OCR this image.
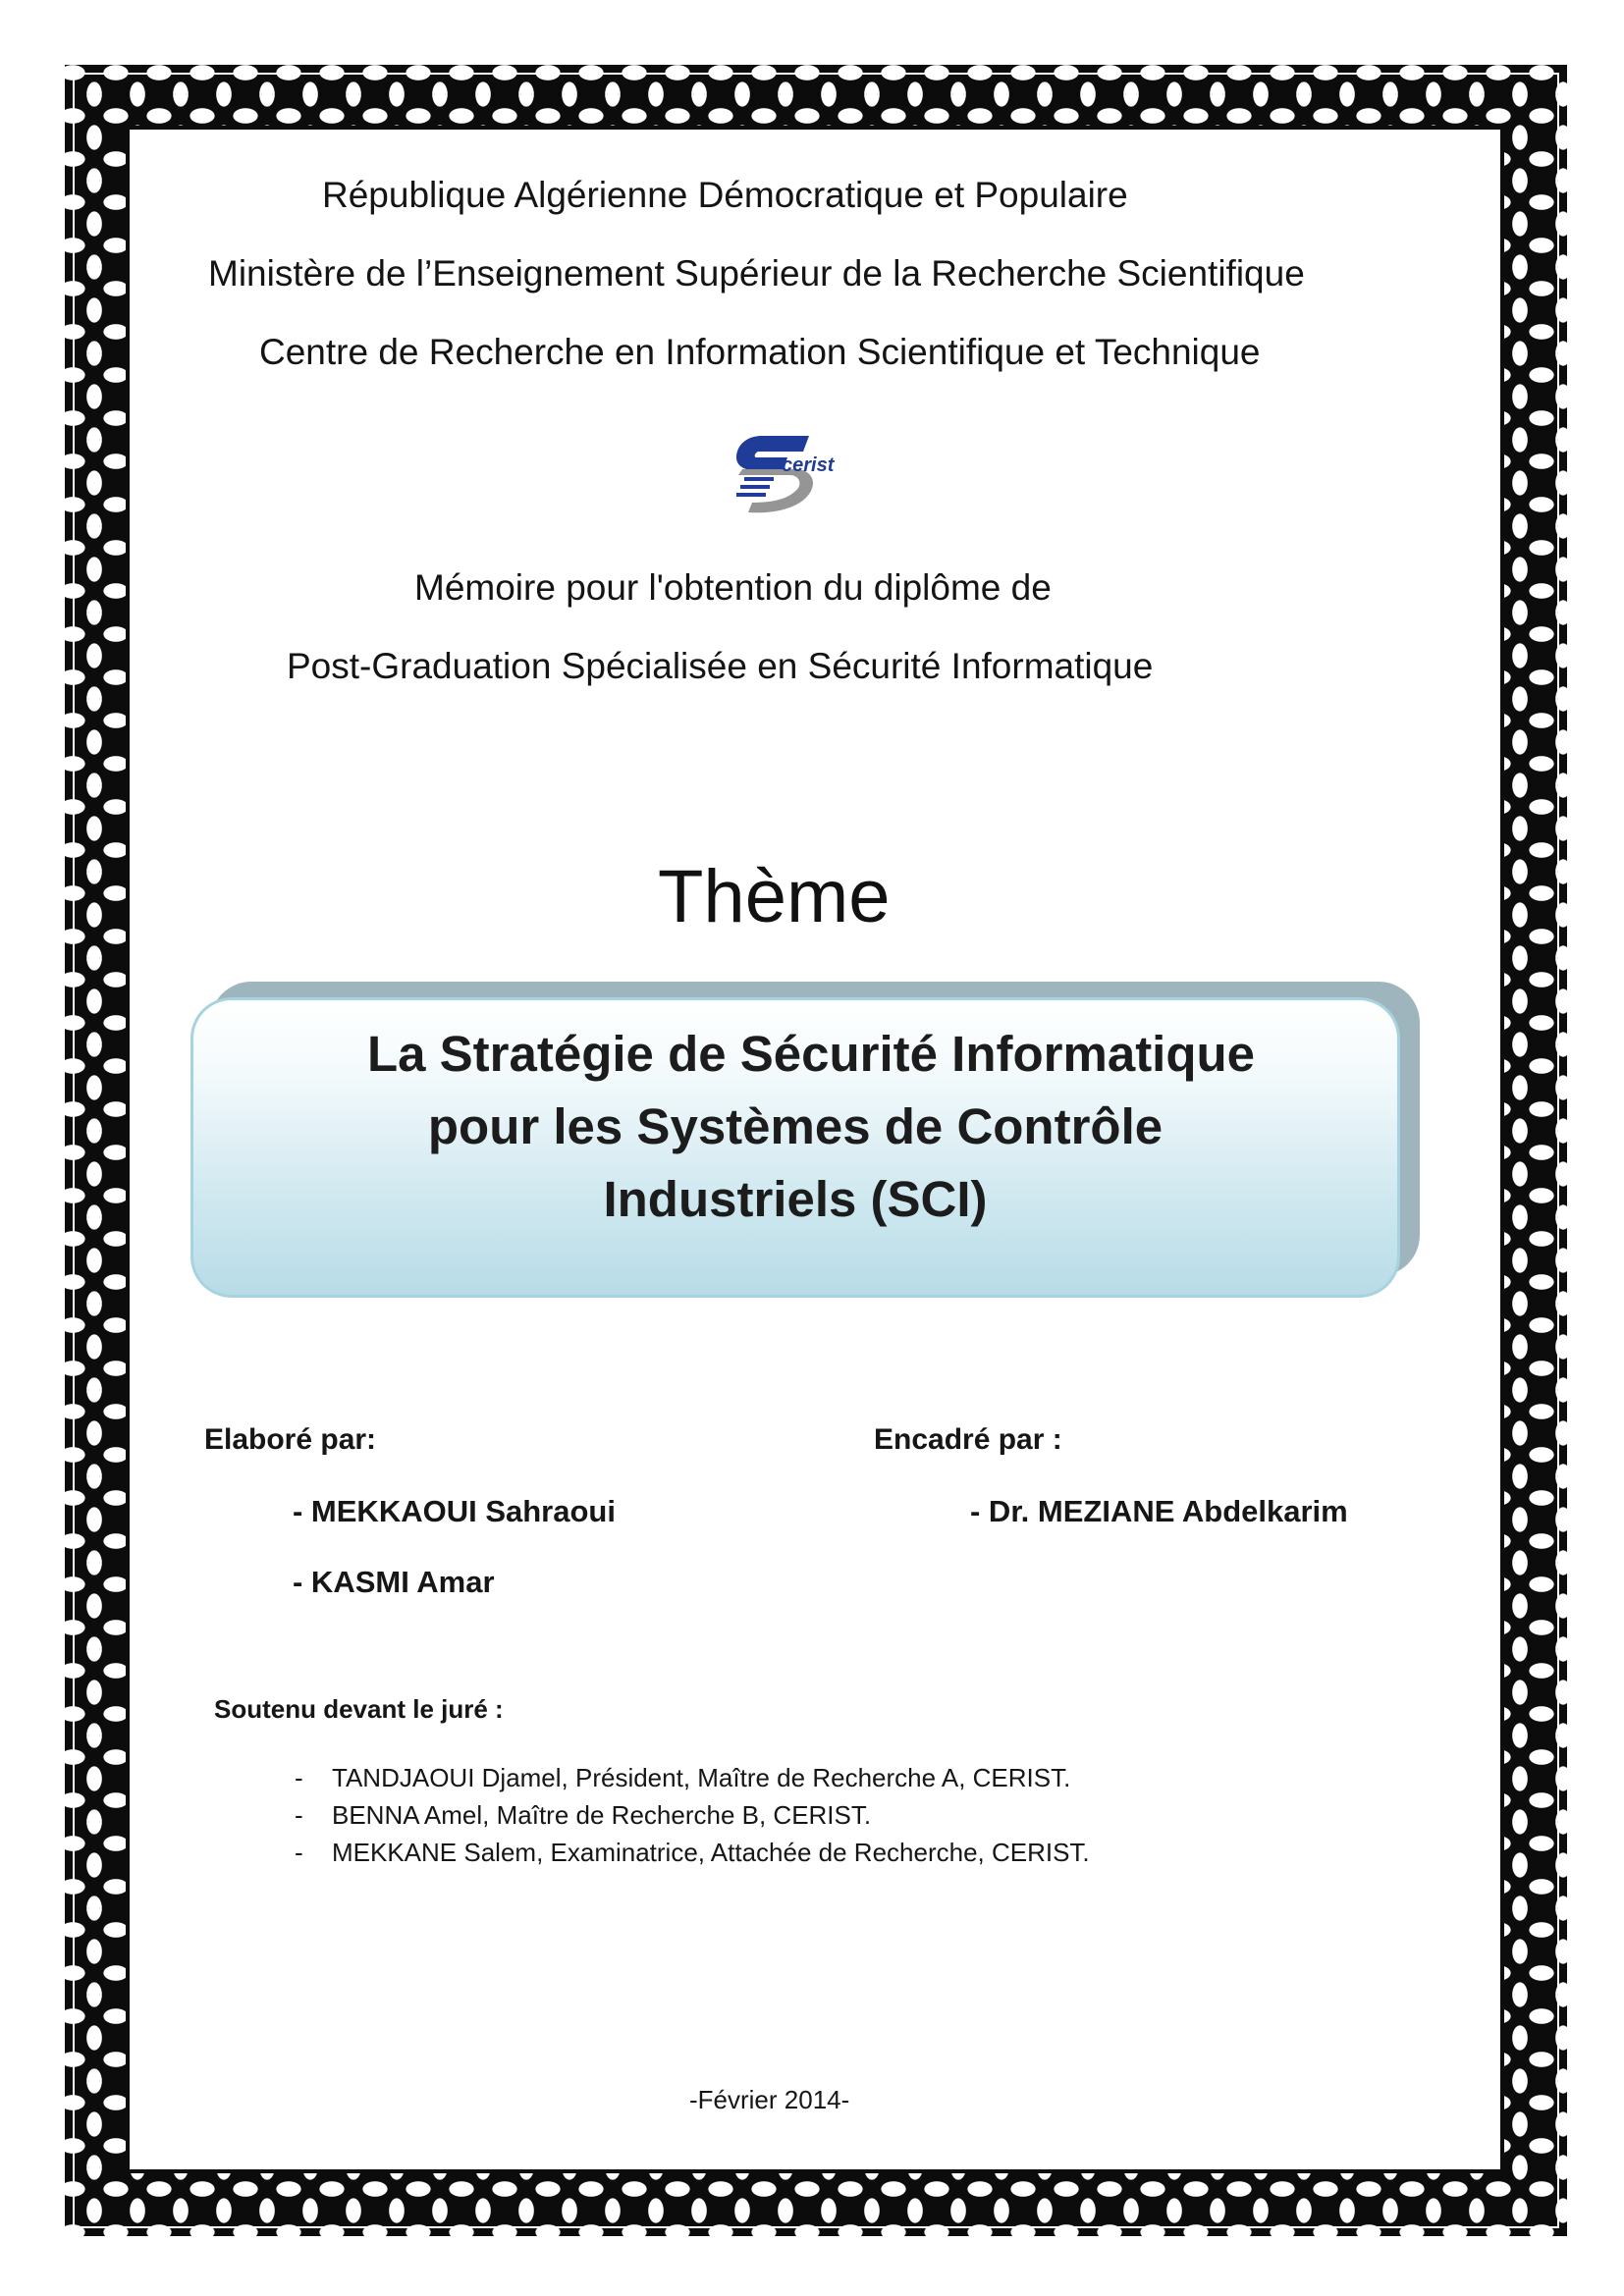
République Algérienne Démocratique et Populaire
Ministère de l’Enseignement Supérieur de la Recherche Scientifique
Centre de Recherche en Information Scientifique et Technique
cerist
Mémoire pour l'obtention du diplôme de
Post-Graduation Spécialisée en Sécurité Informatique
Thème
La Stratégie de Sécurité Informatique
pour les Systèmes de Contrôle
Industriels (SCI)
Elaboré par:
- MEKKAOUI Sahraoui
- KASMI Amar
Encadré par :
- Dr. MEZIANE Abdelkarim
Soutenu devant le juré :
- TANDJAOUI Djamel, Président, Maître de Recherche A, CERIST.
- BENNA Amel, Maître de Recherche B, CERIST.
- MEKKANE Salem, Examinatrice, Attachée de Recherche, CERIST.
-Février 2014-
